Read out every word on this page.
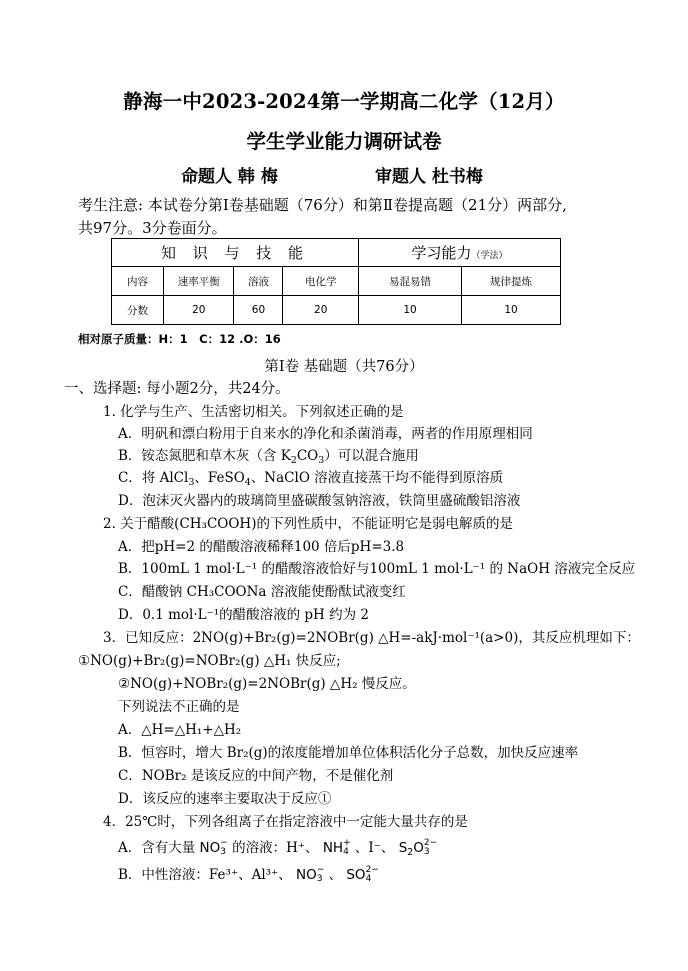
静海一中2023-2024第一学期高二化学（12月）
学生学业能力调研试卷
命题人 韩 梅	审题人 杜书梅
考生注意: 本试卷分第Ⅰ卷基础题（76分）和第Ⅱ卷提高题（21分）两部分,
共97分。3分卷面分。
知 识 与 技 能				学习能力（学法）	
内容	速率平衡	溶液	电化学	易混易错	规律提炼
分数	20	60	20	10	10
相对原子质量：H：1　C：12 .O：16
第Ⅰ卷 基础题（共76分）
一、选择题: 每小题2分，共24分。
1. 化学与生产、生活密切相关。下列叙述正确的是
A．明矾和漂白粉用于自来水的净化和杀菌消毒，两者的作用原理相同
B．铵态氮肥和草木灰（含 $K_2CO_3$）可以混合施用
C．将 AlCl$_3$、FeSO$_4$、NaClO 溶液直接蒸干均不能得到原溶质
D．泡沫灭火器内的玻璃筒里盛碳酸氢钠溶液，铁筒里盛硫酸铝溶液
2. 关于醋酸(CH₃COOH)的下列性质中，不能证明它是弱电解质的是
A．把pH=2 的醋酸溶液稀释100 倍后pH=3.8
B．100mL 1 mol·L⁻¹ 的醋酸溶液恰好与100mL 1 mol·L⁻¹ 的 NaOH 溶液完全反应
C．醋酸钠 CH₃COONa 溶液能使酚酞试液变红
D．0.1 mol·L⁻¹的醋酸溶液的 pH 约为 2
3．已知反应：2NO(g)+Br₂(g)=2NOBr(g) △H=-akJ·mol⁻¹(a>0)，其反应机理如下：
①NO(g)+Br₂(g)=NOBr₂(g) △H₁ 快反应;
②NO(g)+NOBr₂(g)=2NOBr(g) △H₂ 慢反应。
下列说法不正确的是
A．△H=△H₁+△H₂
B．恒容时，增大 Br₂(g)的浓度能增加单位体积活化分子总数，加快反应速率
C．NOBr₂ 是该反应的中间产物，不是催化剂
D．该反应的速率主要取决于反应①
4．25℃时，下列各组离子在指定溶液中一定能大量共存的是
A．含有大量 NO −
3 的溶液：H⁺、 NH +
4 、I⁻、 $S_2O$ 2−
3
B．中性溶液：Fe³⁺、Al³⁺、 NO −
3 、 SO 2−
4
